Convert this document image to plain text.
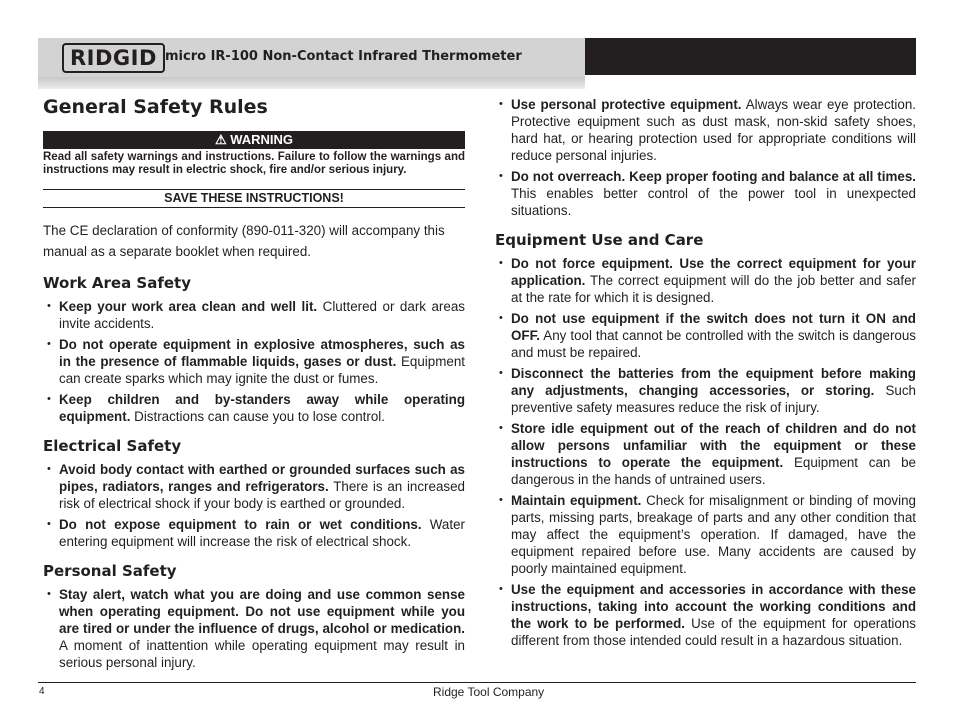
RIDGID micro IR-100 Non-Contact Infrared Thermometer
General Safety Rules
⚠ WARNING
Read all safety warnings and instructions. Failure to follow the warnings and instructions may result in electric shock, fire and/or serious injury.
SAVE THESE INSTRUCTIONS!
The CE declaration of conformity (890-011-320) will accompany this manual as a separate booklet when required.
Work Area Safety
• Keep your work area clean and well lit. Cluttered or dark areas invite accidents.
• Do not operate equipment in explosive atmospheres, such as in the presence of flammable liquids, gases or dust. Equipment can create sparks which may ignite the dust or fumes.
• Keep children and by-standers away while operating equipment. Distractions can cause you to lose control.
Electrical Safety
• Avoid body contact with earthed or grounded surfaces such as pipes, radiators, ranges and refrigerators. There is an increased risk of electrical shock if your body is earthed or grounded.
• Do not expose equipment to rain or wet conditions. Water entering equipment will increase the risk of electrical shock.
Personal Safety
• Stay alert, watch what you are doing and use common sense when operating equipment. Do not use equipment while you are tired or under the influence of drugs, alcohol or medication. A moment of inattention while operating equipment may result in serious personal injury.
• Use personal protective equipment. Always wear eye protection. Protective equipment such as dust mask, non-skid safety shoes, hard hat, or hearing protection used for appropriate conditions will reduce personal injuries.
• Do not overreach. Keep proper footing and balance at all times. This enables better control of the power tool in unexpected situations.
Equipment Use and Care
• Do not force equipment. Use the correct equipment for your application. The correct equipment will do the job better and safer at the rate for which it is designed.
• Do not use equipment if the switch does not turn it ON and OFF. Any tool that cannot be controlled with the switch is dangerous and must be repaired.
• Disconnect the batteries from the equipment before making any adjustments, changing accessories, or storing. Such preventive safety measures reduce the risk of injury.
• Store idle equipment out of the reach of children and do not allow persons unfamiliar with the equipment or these instructions to operate the equipment. Equipment can be dangerous in the hands of untrained users.
• Maintain equipment. Check for misalignment or binding of moving parts, missing parts, breakage of parts and any other condition that may affect the equipment’s operation. If damaged, have the equipment repaired before use. Many accidents are caused by poorly maintained equipment.
• Use the equipment and accessories in accordance with these instructions, taking into account the working conditions and the work to be performed. Use of the equipment for operations different from those intended could result in a hazardous situation.
4	Ridge Tool Company
